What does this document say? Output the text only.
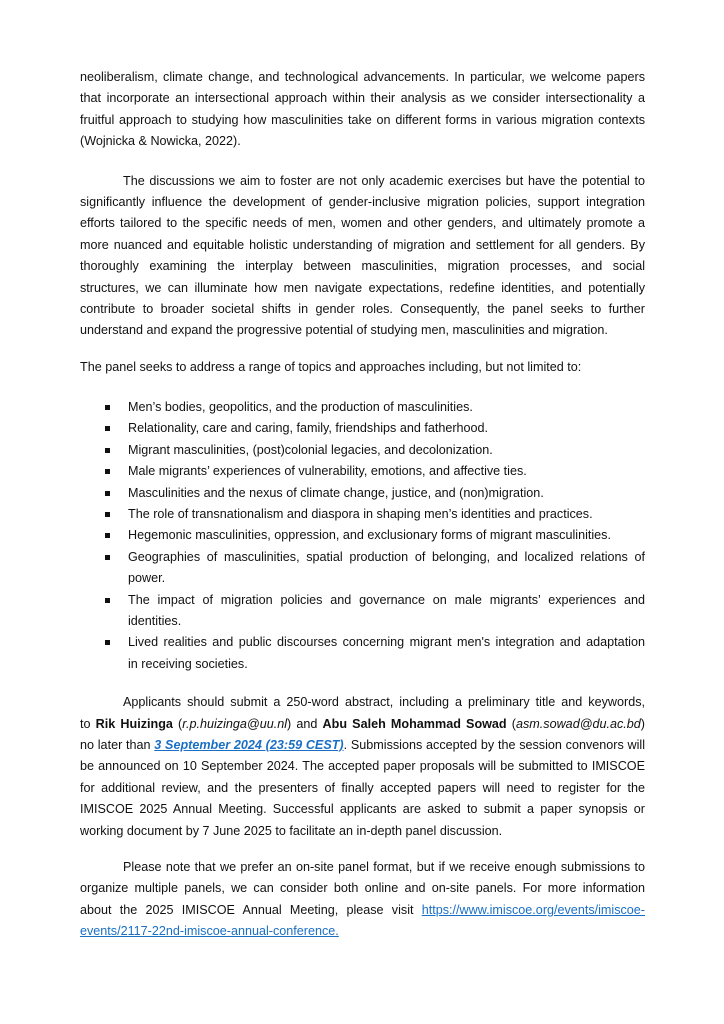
neoliberalism, climate change, and technological advancements. In particular, we welcome papers
that incorporate an intersectional approach within their analysis as we consider intersectionality a
fruitful approach to studying how masculinities take on different forms in various migration contexts
(Wojnicka & Nowicka, 2022).
The discussions we aim to foster are not only academic exercises but have the potential to
significantly influence the development of gender-inclusive migration policies, support integration
efforts tailored to the specific needs of men, women and other genders, and ultimately promote a
more nuanced and equitable holistic understanding of migration and settlement for all genders. By
thoroughly examining the interplay between masculinities, migration processes, and social
structures, we can illuminate how men navigate expectations, redefine identities, and potentially
contribute to broader societal shifts in gender roles. Consequently, the panel seeks to further
understand and expand the progressive potential of studying men, masculinities and migration.
The panel seeks to address a range of topics and approaches including, but not limited to:
Men’s bodies, geopolitics, and the production of masculinities.
Relationality, care and caring, family, friendships and fatherhood.
Migrant masculinities, (post)colonial legacies, and decolonization.
Male migrants’ experiences of vulnerability, emotions, and affective ties.
Masculinities and the nexus of climate change, justice, and (non)migration.
The role of transnationalism and diaspora in shaping men’s identities and practices.
Hegemonic masculinities, oppression, and exclusionary forms of migrant masculinities.
Geographies of masculinities, spatial production of belonging, and localized relations of
power.
The impact of migration policies and governance on male migrants’ experiences and
identities.
Lived realities and public discourses concerning migrant men's integration and adaptation
in receiving societies.
Applicants should submit a 250-word abstract, including a preliminary title and keywords,
to Rik Huizinga (r.p.huizinga@uu.nl) and Abu Saleh Mohammad Sowad (asm.sowad@du.ac.bd)
no later than 3 September 2024 (23:59 CEST). Submissions accepted by the session convenors will
be announced on 10 September 2024. The accepted paper proposals will be submitted to IMISCOE
for additional review, and the presenters of finally accepted papers will need to register for the
IMISCOE 2025 Annual Meeting. Successful applicants are asked to submit a paper synopsis or
working document by 7 June 2025 to facilitate an in-depth panel discussion.
Please note that we prefer an on-site panel format, but if we receive enough submissions to
organize multiple panels, we can consider both online and on-site panels. For more information
about the 2025 IMISCOE Annual Meeting, please visit https://www.imiscoe.org/events/imiscoe-
events/2117-22nd-imiscoe-annual-conference.
